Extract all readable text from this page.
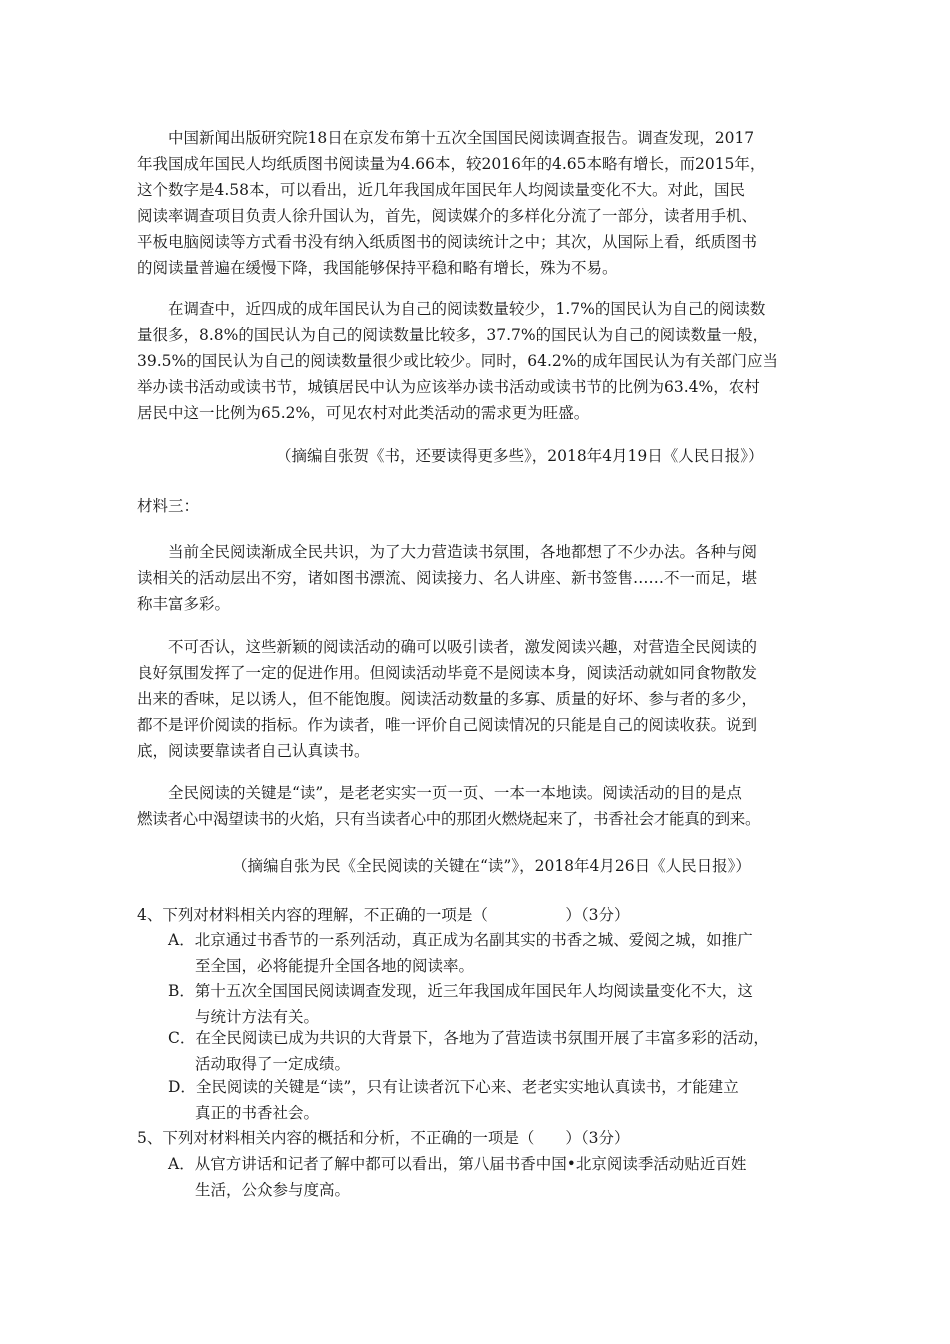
中国新闻出版研究院18日在京发布第十五次全国国民阅读调查报告。调查发现，2017

年我国成年国民人均纸质图书阅读量为4.66本，较2016年的4.65本略有增长，而2015年，

这个数字是4.58本，可以看出，近几年我国成年国民年人均阅读量变化不大。对此，国民

阅读率调查项目负责人徐升国认为，首先，阅读媒介的多样化分流了一部分，读者用手机、

平板电脑阅读等方式看书没有纳入纸质图书的阅读统计之中；其次，从国际上看，纸质图书

的阅读量普遍在缓慢下降，我国能够保持平稳和略有增长，殊为不易。

在调查中，近四成的成年国民认为自己的阅读数量较少，1.7%的国民认为自己的阅读数

量很多，8.8%的国民认为自己的阅读数量比较多，37.7%的国民认为自己的阅读数量一般，

39.5%的国民认为自己的阅读数量很少或比较少。同时，64.2%的成年国民认为有关部门应当

举办读书活动或读书节，城镇居民中认为应该举办读书活动或读书节的比例为63.4%，农村

居民中这一比例为65.2%，可见农村对此类活动的需求更为旺盛。

（摘编自张贺《书，还要读得更多些》，2018年4月19日《人民日报》）
材料三：

当前全民阅读渐成全民共识，为了大力营造读书氛围，各地都想了不少办法。各种与阅

读相关的活动层出不穷，诸如图书漂流、阅读接力、名人讲座、新书签售……不一而足，堪

称丰富多彩。

不可否认，这些新颖的阅读活动的确可以吸引读者，激发阅读兴趣，对营造全民阅读的

良好氛围发挥了一定的促进作用。但阅读活动毕竟不是阅读本身，阅读活动就如同食物散发

出来的香味，足以诱人，但不能饱腹。阅读活动数量的多寡、质量的好坏、参与者的多少，

都不是评价阅读的指标。作为读者，唯一评价自己阅读情况的只能是自己的阅读收获。说到

底，阅读要靠读者自己认真读书。

全民阅读的关键是“读”，是老老实实一页一页、一本一本地读。阅读活动的目的是点

燃读者心中渴望读书的火焰，只有当读者心中的那团火燃烧起来了，书香社会才能真的到来。

（摘编自张为民《全民阅读的关键在“读”》，2018年4月26日《人民日报》）
4、下列对材料相关内容的理解，不正确的一项是（　　　　　）（3分）
A．北京通过书香节的一系列活动，真正成为名副其实的书香之城、爱阅之城，如推广
至全国，必将能提升全国各地的阅读率。
B．第十五次全国国民阅读调查发现，近三年我国成年国民年人均阅读量变化不大，这
与统计方法有关。
C．在全民阅读已成为共识的大背景下，各地为了营造读书氛围开展了丰富多彩的活动，
活动取得了一定成绩。
D．全民阅读的关键是“读”，只有让读者沉下心来、老老实实地认真读书，才能建立
真正的书香社会。
5、下列对材料相关内容的概括和分析，不正确的一项是（　　）（3分）
A．从官方讲话和记者了解中都可以看出，第八届书香中国•北京阅读季活动贴近百姓
生活，公众参与度高。
